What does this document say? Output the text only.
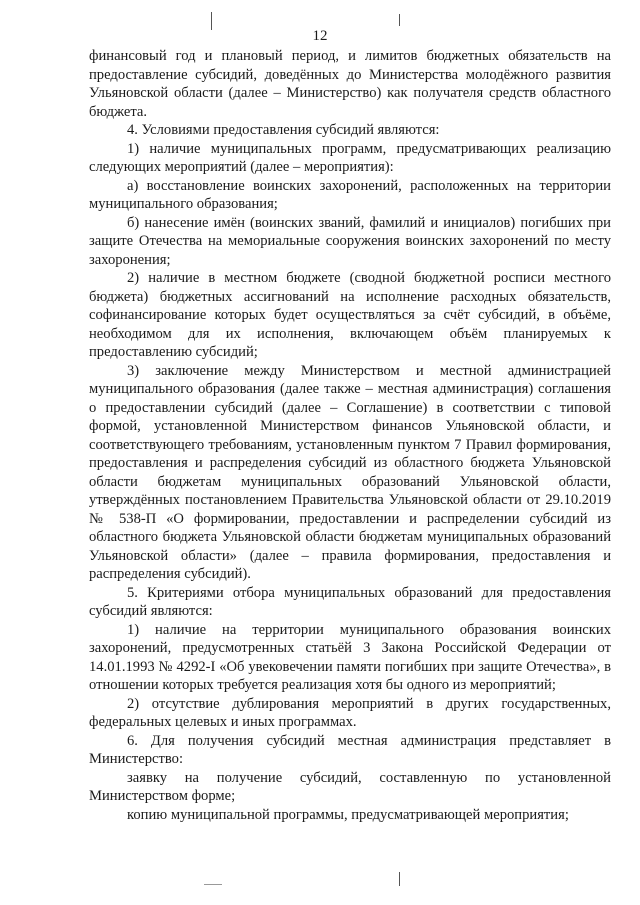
12

финансовый год и плановый период, и лимитов бюджетных обязательств на предоставление субсидий, доведённых до Министерства молодёжного развития Ульяновской области (далее – Министерство) как получателя средств областного бюджета.

4. Условиями предоставления субсидий являются:

1) наличие муниципальных программ, предусматривающих реализацию следующих мероприятий (далее – мероприятия):

а) восстановление воинских захоронений, расположенных на территории муниципального образования;

б) нанесение имён (воинских званий, фамилий и инициалов) погибших при защите Отечества на мемориальные сооружения воинских захоронений по месту захоронения;

2) наличие в местном бюджете (сводной бюджетной росписи местного бюджета) бюджетных ассигнований на исполнение расходных обязательств, софинансирование которых будет осуществляться за счёт субсидий, в объёме, необходимом для их исполнения, включающем объём планируемых к предоставлению субсидий;

3) заключение между Министерством и местной администрацией муниципального образования (далее также – местная администрация) соглашения о предоставлении субсидий (далее – Соглашение) в соответствии с типовой формой, установленной Министерством финансов Ульяновской области, и соответствующего требованиям, установленным пунктом 7 Правил формирования, предоставления и распределения субсидий из областного бюджета Ульяновской области бюджетам муниципальных образований Ульяновской области, утверждённых постановлением Правительства Ульяновской области от 29.10.2019 № 538-П «О формировании, предоставлении и распределении субсидий из областного бюджета Ульяновской области бюджетам муниципальных образований Ульяновской области» (далее – правила формирования, предоставления и распределения субсидий).

5. Критериями отбора муниципальных образований для предоставления субсидий являются:

1) наличие на территории муниципального образования воинских захоронений, предусмотренных статьёй 3 Закона Российской Федерации от 14.01.1993 № 4292-I «Об увековечении памяти погибших при защите Отечества», в отношении которых требуется реализация хотя бы одного из мероприятий;

2) отсутствие дублирования мероприятий в других государственных, федеральных целевых и иных программах.

6. Для получения субсидий местная администрация представляет в Министерство:

заявку на получение субсидий, составленную по установленной Министерством форме;

копию муниципальной программы, предусматривающей мероприятия;
